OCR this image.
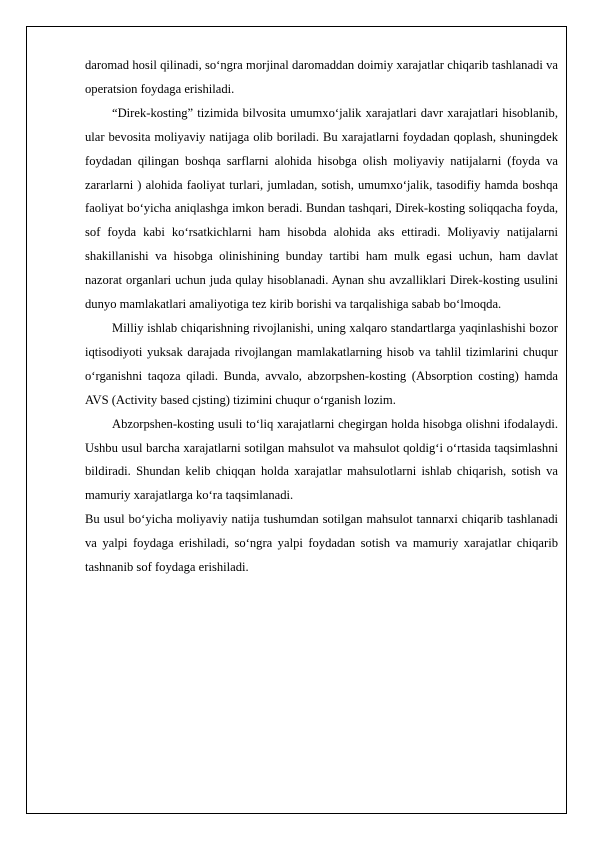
daromad hosil qilinadi, so‘ngra morjinal daromaddan doimiy xarajatlar chiqarib tashlanadi va operatsion foydaga erishiladi.

“Direk-kosting” tizimida bilvosita umumxo‘jalik xarajatlari davr xarajatlari hisoblanib, ular bevosita moliyaviy natijaga olib boriladi. Bu xarajatlarni foydadan qoplash, shuningdek foydadan qilingan boshqa sarflarni alohida hisobga olish moliyaviy natijalarni (foyda va zararlarni ) alohida faoliyat turlari, jumladan, sotish, umumxo‘jalik, tasodifiy hamda boshqa faoliyat bo‘yicha aniqlashga imkon beradi. Bundan tashqari, Direk-kosting soliqqacha foyda, sof foyda kabi ko‘rsatkichlarni ham hisobda alohida aks ettiradi. Moliyaviy natijalarni shakillanishi va hisobga olinishining bunday tartibi ham mulk egasi uchun, ham davlat nazorat organlari uchun juda qulay hisoblanadi. Aynan shu avzalliklari Direk-kosting usulini dunyo mamlakatlari amaliyotiga tez kirib borishi va tarqalishiga sabab bo‘lmoqda.

Milliy ishlab chiqarishning rivojlanishi, uning xalqaro standartlarga yaqinlashishi bozor iqtisodiyoti yuksak darajada rivojlangan mamlakatlarning hisob va tahlil tizimlarini chuqur o‘rganishni taqoza qiladi. Bunda, avvalo, abzorpshen-kosting (Absorption costing) hamda AVS (Activity based cjsting) tizimini chuqur o‘rganish lozim.

Abzorpshen-kosting usuli to‘liq xarajatlarni chegirgan holda hisobga olishni ifodalaydi. Ushbu usul barcha xarajatlarni sotilgan mahsulot va mahsulot qoldig‘i o‘rtasida taqsimlashni bildiradi. Shundan kelib chiqqan holda xarajatlar mahsulotlarni ishlab chiqarish, sotish va mamuriy xarajatlarga ko‘ra taqsimlanadi.

Bu usul bo‘yicha moliyaviy natija tushumdan sotilgan mahsulot tannarxi chiqarib tashlanadi va yalpi foydaga erishiladi, so‘ngra yalpi foydadan sotish va mamuriy xarajatlar chiqarib tashnanib sof foydaga erishiladi.
